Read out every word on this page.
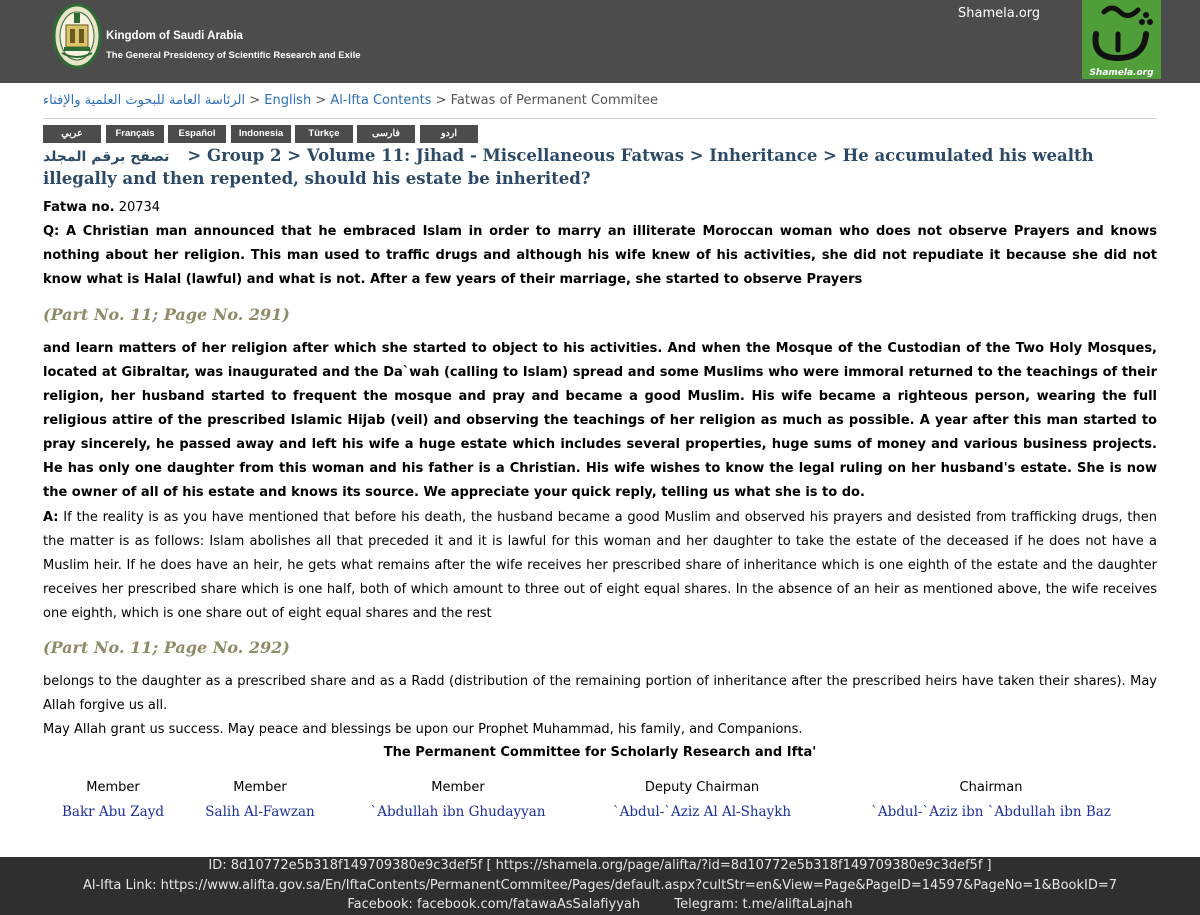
Kingdom of Saudi Arabia
The General Presidency of Scientific Research and Exile
Shamela.org
Shamela.org
الرئاسة العامة للبحوث العلمية والإفتاء > English > Al-Ifta Contents > Fatwas of Permanent Commitee
عربي	Français	Español	Indonesia	Türkçe	فارسی	اردو
تصفح برقم المجلد > Group 2 > Volume 11: Jihad - Miscellaneous Fatwas > Inheritance > He accumulated his wealth illegally and then repented, should his estate be inherited?
Fatwa no. 20734
Q: A Christian man announced that he embraced Islam in order to marry an illiterate Moroccan woman who does not observe Prayers and knows nothing about her religion. This man used to traffic drugs and although his wife knew of his activities, she did not repudiate it because she did not know what is Halal (lawful) and what is not. After a few years of their marriage, she started to observe Prayers
(Part No. 11; Page No. 291)
and learn matters of her religion after which she started to object to his activities. And when the Mosque of the Custodian of the Two Holy Mosques, located at Gibraltar, was inaugurated and the Da`wah (calling to Islam) spread and some Muslims who were immoral returned to the teachings of their religion, her husband started to frequent the mosque and pray and became a good Muslim. His wife became a righteous person, wearing the full religious attire of the prescribed Islamic Hijab (veil) and observing the teachings of her religion as much as possible. A year after this man started to pray sincerely, he passed away and left his wife a huge estate which includes several properties, huge sums of money and various business projects. He has only one daughter from this woman and his father is a Christian. His wife wishes to know the legal ruling on her husband's estate. She is now the owner of all of his estate and knows its source. We appreciate your quick reply, telling us what she is to do.
A: If the reality is as you have mentioned that before his death, the husband became a good Muslim and observed his prayers and desisted from trafficking drugs, then the matter is as follows: Islam abolishes all that preceded it and it is lawful for this woman and her daughter to take the estate of the deceased if he does not have a Muslim heir. If he does have an heir, he gets what remains after the wife receives her prescribed share of inheritance which is one eighth of the estate and the daughter receives her prescribed share which is one half, both of which amount to three out of eight equal shares. In the absence of an heir as mentioned above, the wife receives one eighth, which is one share out of eight equal shares and the rest
(Part No. 11; Page No. 292)
belongs to the daughter as a prescribed share and as a Radd (distribution of the remaining portion of inheritance after the prescribed heirs have taken their shares). May Allah forgive us all.
May Allah grant us success. May peace and blessings be upon our Prophet Muhammad, his family, and Companions.
The Permanent Committee for Scholarly Research and Ifta'
Member	Member	Member	Deputy Chairman	Chairman
Bakr Abu Zayd	Salih Al-Fawzan	`Abdullah ibn Ghudayyan	`Abdul-`Aziz Al Al-Shaykh	`Abdul-`Aziz ibn `Abdullah ibn Baz
ID: 8d10772e5b318f149709380e9c3def5f [ https://shamela.org/page/alifta/?id=8d10772e5b318f149709380e9c3def5f ]
Al-Ifta Link: https://www.alifta.gov.sa/En/IftaContents/PermanentCommitee/Pages/default.aspx?cultStr=en&View=Page&PageID=14597&PageNo=1&BookID=7
Facebook: facebook.com/fatawaAsSalafiyyah	Telegram: t.me/aliftaLajnah
